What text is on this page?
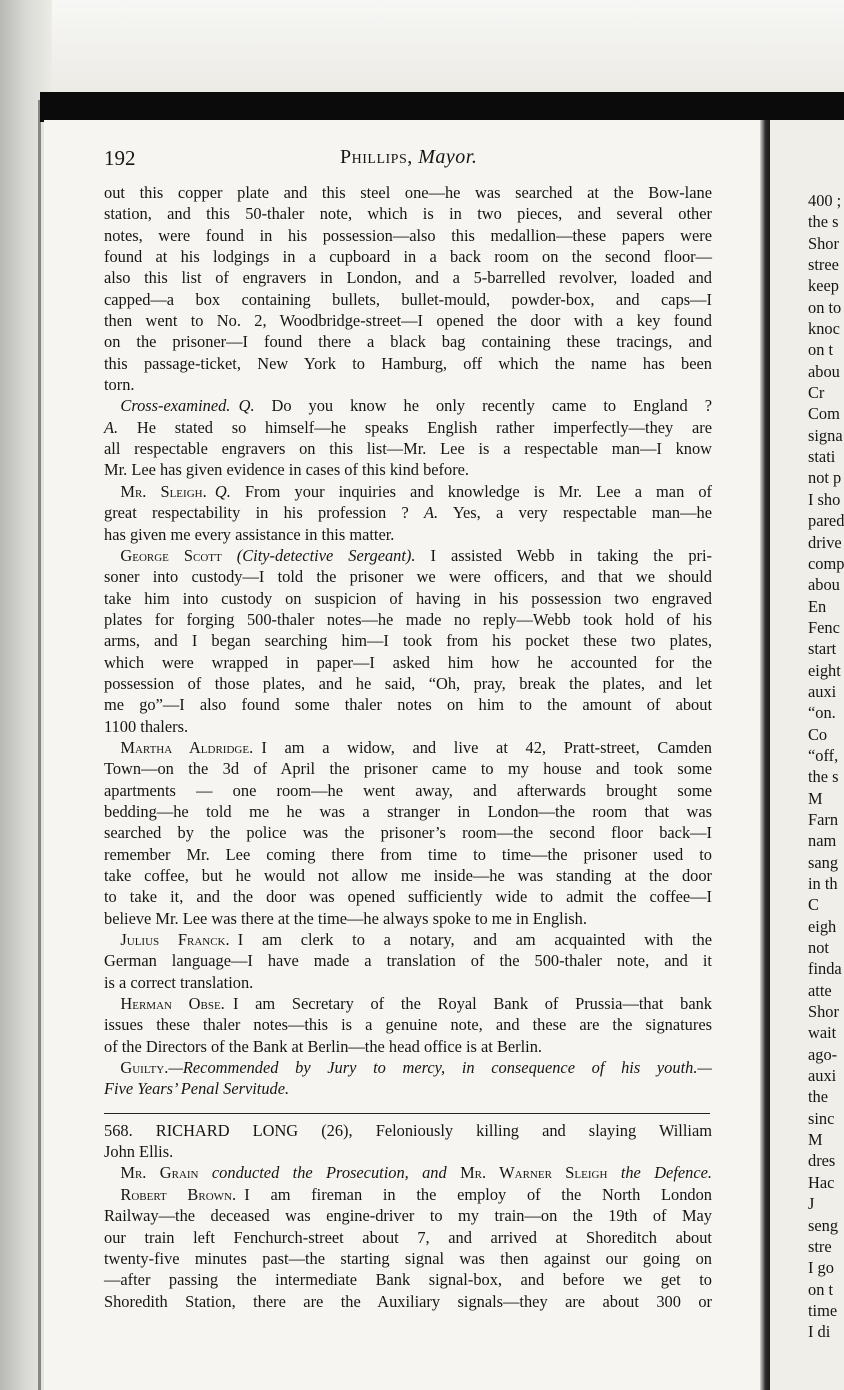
192	Phillips, Mayor.
out this copper plate and this steel one—he was searched at the Bow-lane
station, and this 50-thaler note, which is in two pieces, and several other
notes, were found in his possession—also this medallion—these papers were
found at his lodgings in a cupboard in a back room on the second floor—
also this list of engravers in London, and a 5-barrelled revolver, loaded and
capped—a box containing bullets, bullet-mould, powder-box, and caps—I
then went to No. 2, Woodbridge-street—I opened the door with a key found
on the prisoner—I found there a black bag containing these tracings, and
this passage-ticket, New York to Hamburg, off which the name has been
torn.
 Cross-examined.  Q. Do you know he only recently came to England ?
A. He stated so himself—he speaks English rather imperfectly—they are
all respectable engravers on this list—Mr. Lee is a respectable man—I know
Mr. Lee has given evidence in cases of this kind before.
 Mr. Sleigh.  Q. From your inquiries and knowledge is Mr. Lee a man of
great respectability in his profession ? A. Yes, a very respectable man—he
has given me every assistance in this matter.
 George Scott (City-detective Sergeant). I assisted Webb in taking the pri-
soner into custody—I told the prisoner we were officers, and that we should
take him into custody on suspicion of having in his possession two engraved
plates for forging 500-thaler notes—he made no reply—Webb took hold of his
arms, and I began searching him—I took from his pocket these two plates,
which were wrapped in paper—I asked him how he accounted for the
possession of those plates, and he said, “Oh, pray, break the plates, and let
me go”—I also found some thaler notes on him to the amount of about
1100 thalers.
 Martha Aldridge.  I am a widow, and live at 42, Pratt-street, Camden
Town—on the 3d of April the prisoner came to my house and took some
apartments — one room—he went away, and afterwards brought some
bedding—he told me he was a stranger in London—the room that was
searched by the police was the prisoner’s room—the second floor back—I
remember Mr. Lee coming there from time to time—the prisoner used to
take coffee, but he would not allow me inside—he was standing at the door
to take it, and the door was opened sufficiently wide to admit the coffee—I
believe Mr. Lee was there at the time—he always spoke to me in English.
 Julius Franck.  I am clerk to a notary, and am acquainted with the
German language—I have made a translation of the 500-thaler note, and it
is a correct translation.
 Herman Obse.  I am Secretary of the Royal Bank of Prussia—that bank
issues these thaler notes—this is a genuine note, and these are the signatures
of the Directors of the Bank at Berlin—the head office is at Berlin.
 Guilty.—Recommended by Jury to mercy, in consequence of his youth.—
Five Years’ Penal Servitude.
568. RICHARD LONG (26), Feloniously killing and slaying William
John Ellis.
 Mr. Grain conducted the Prosecution, and Mr. Warner Sleigh the Defence.
 Robert Brown.  I am fireman in the employ of the North London
Railway—the deceased was engine-driver to my train—on the 19th of May
our train left Fenchurch-street about 7, and arrived at Shoreditch about
twenty-five minutes past—the starting signal was then against our going on
—after passing the intermediate Bank signal-box, and before we get to
Shoredith Station, there are the Auxiliary signals—they are about 300 or
400 ;
the s
Shor
stree
keep
on to
knoc
on t
abou
Cr
Com
signa
stati
not p
I sho
pared
drive
comp
abou
En
Fenc
start
eight
auxi
“on.
Co
“off,
the s
M
Farn
nam
sang
in th
C
eigh
not
finda
atte
Shor
wait
ago-
auxi
the
sinc
M
dres
Hac
J
seng
stre
I go
on t
time
I di
